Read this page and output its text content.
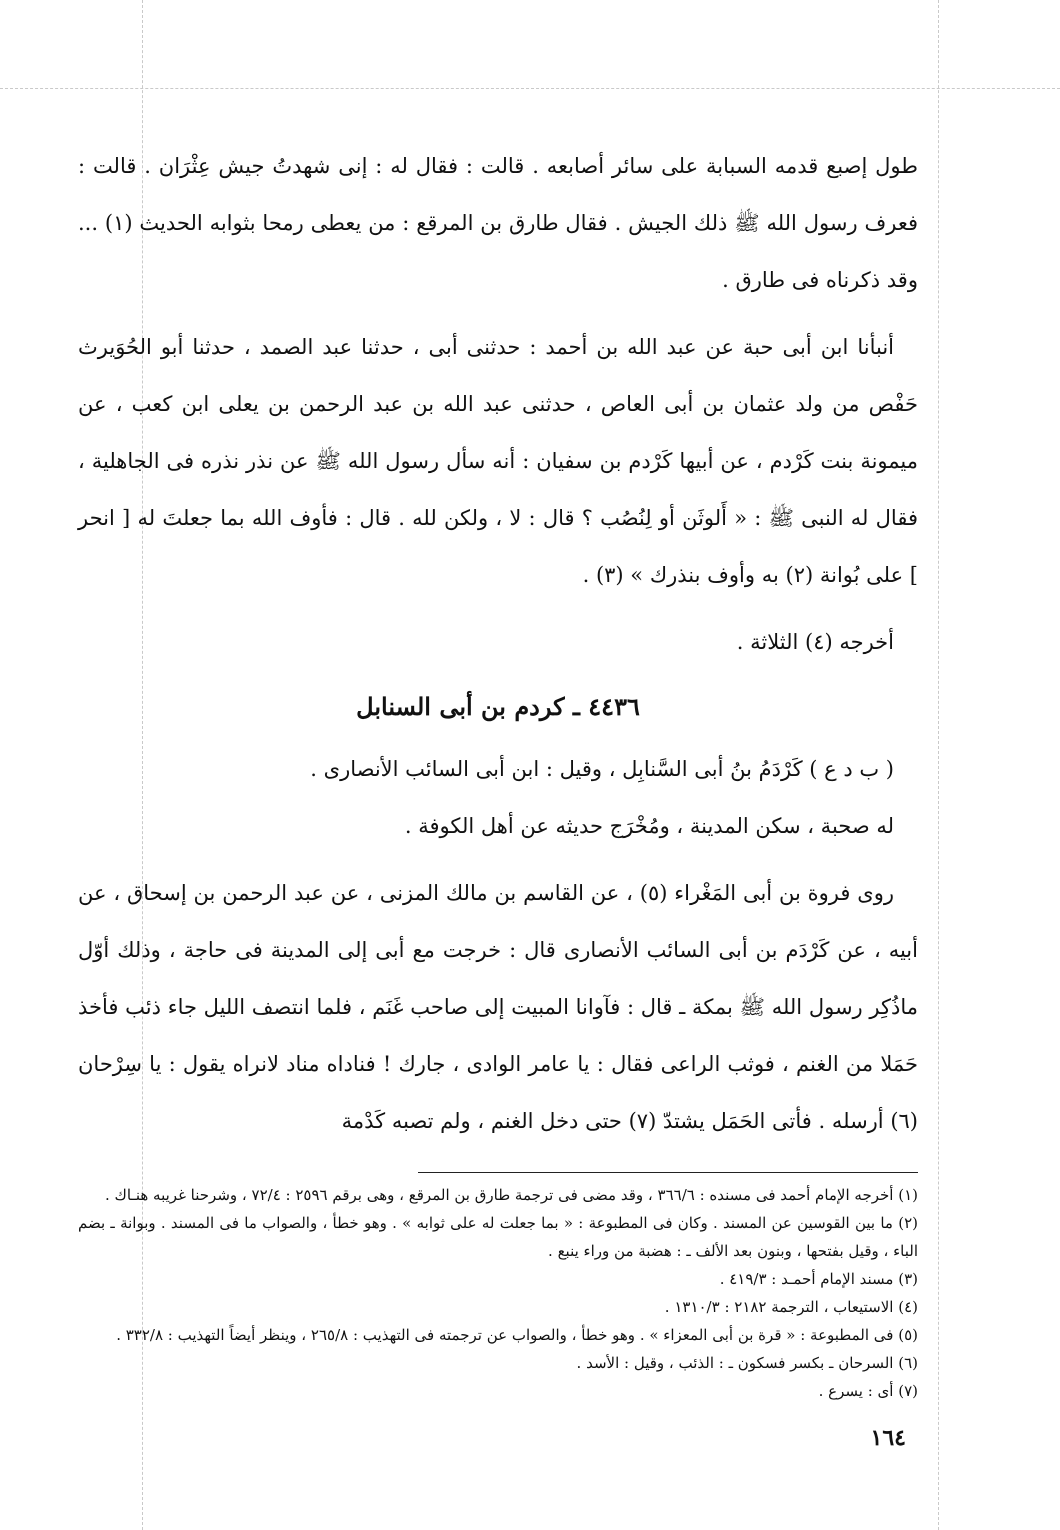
طول إصبع قدمه السبابة على سائر أصابعه . قالت : فقال له : إنى شهدتُ جيش عِثْرَان . قالت : فعرف رسول الله ﷺ ذلك الجيش . فقال طارق بن المرقع : من يعطى رمحا بثوابه الحديث (١) ... وقد ذكرناه فى طارق .

أنبأنا ابن أبى حبة عن عبد الله بن أحمد : حدثنى أبى ، حدثنا عبد الصمد ، حدثنا أبو الحُوَيرث حَفْص من ولد عثمان بن أبى العاص ، حدثنى عبد الله بن عبد الرحمن بن يعلى ابن كعب ، عن ميمونة بنت كَرْدم ، عن أبيها كَرْدم بن سفيان : أنه سأل رسول الله ﷺ عن نذر نذره فى الجاهلية ، فقال له النبى ﷺ : « أَلوثَن أو لِنُصُب ؟ قال : لا ، ولكن لله . قال : فأوف الله بما جعلتَ له [ انحر ] على بُوانة (٢) به وأوف بنذرك » (٣) .

أخرجه (٤) الثلاثة .

٤٤٣٦ ـ كردم بن أبى السنابل

( ب د ع ) كَرْدَمُ بنُ أبى السَّنابِل ، وقيل : ابن أبى السائب الأنصارى .

له صحبة ، سكن المدينة ، ومُخْرَج حديثه عن أهل الكوفة .

روى فروة بن أبى المَغْراء (٥) ، عن القاسم بن مالك المزنى ، عن عبد الرحمن بن إسحاق ، عن أبيه ، عن كَرْدَم بن أبى السائب الأنصارى قال : خرجت مع أبى إلى المدينة فى حاجة ، وذلك أوّل ماذُكِر رسول الله ﷺ بمكة ـ قال : فآوانا المبيت إلى صاحب غَنَم ، فلما انتصف الليل جاء ذئب فأخذ حَمَلا من الغنم ، فوثب الراعى فقال : يا عامر الوادى ، جارك ! فناداه مناد لانراه يقول : يا سِرْحان (٦) أرسله . فأتى الحَمَل يشتدّ (٧) حتى دخل الغنم ، ولم تصبه كَدْمة

(١) أخرجه الإمام أحمد فى مسنده : ٣٦٦/٦ ، وقد مضى فى ترجمة طارق بن المرقع ، وهى برقم ٢٥٩٦ : ٧٢/٤ ، وشرحنا غريبه هنـاك .

(٢) ما بين القوسين عن المسند . وكان فى المطبوعة : « بما جعلت له على ثوابه » . وهو خطأ ، والصواب ما فى المسند . وبوانة ـ بضم الباء ، وقيل بفتحها ، وبنون بعد الألف ـ : هضبة من وراء ينبع .

(٣) مسند الإمام أحمـد : ٤١٩/٣ .

(٤) الاستيعاب ، الترجمة ٢١٨٢ : ١٣١٠/٣ .

(٥) فى المطبوعة : « قرة بن أبى المعزاء » . وهو خطأ ، والصواب عن ترجمته فى التهذيب : ٢٦٥/٨ ، وينظر أيضاً التهذيب : ٣٣٢/٨ .

(٦) السرحان ـ بكسر فسكون ـ : الذئب ، وقيل : الأسد .

(٧) أى : يسرع .

١٦٤
